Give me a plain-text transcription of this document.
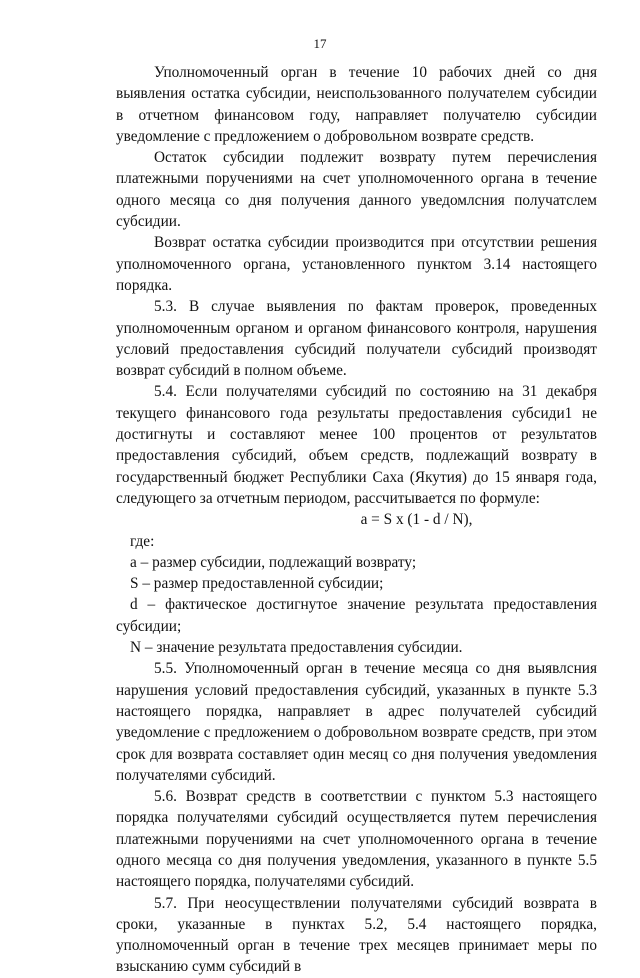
17

Уполномоченный орган в течение 10 рабочих дней со дня выявления остатка субсидии, неиспользованного получателем субсидии в отчетном финансовом году, направляет получателю субсидии уведомление с предложением о добровольном возврате средств.

Остаток субсидии подлежит возврату путем перечисления платежными поручениями на счет уполномоченного органа в течение одного месяца со дня получения данного уведомлсния получатслем субсидии.

Возврат остатка субсидии производится при отсутствии решения уполномоченного органа, установленного пунктом 3.14 настоящего порядка.

5.3. В случае выявления по фактам проверок, проведенных уполномоченным органом и органом финансового контроля, нарушения условий предоставления субсидий получатели субсидий производят возврат субсидий в полном объеме.

5.4. Если получателями субсидий по состоянию на 31 декабря текущего финансового года результаты предоставления субсиди1 не достигнуты и составляют менее 100 процентов от результатов предоставления субсидий, объем средств, подлежащий возврату в государственный бюджет Республики Саха (Якутия) до 15 января года, следующего за отчетным периодом, рассчитывается по формуле:

a = S x (1 - d / N),

где:

а – размер субсидии, подлежащий возврату;

S – размер предоставленной субсидии;

d – фактическое достигнутое значение результата предоставления субсидии;

N – значение результата предоставления субсидии.

5.5. Уполномоченный орган в течение месяца со дня выявлсния нарушения условий предоставления субсидий, указанных в пункте 5.3 настоящего порядка, направляет в адрес получателей субсидий уведомление с предложением о добровольном возврате средств, при этом срок для возврата составляет один месяц со дня получения уведомления получателями субсидий.

5.6. Возврат средств в соответствии с пунктом 5.3 настоящего порядка получателями субсидий осуществляется путем перечисления платежными поручениями на счет уполномоченного органа в течение одного месяца со дня получения уведомления, указанного в пункте 5.5 настоящего порядка, получателями субсидий.

5.7. При неосуществлении получателями субсидий возврата в сроки, указанные в пунктах 5.2, 5.4 настоящего порядка, уполномоченный орган в течение трех месяцев принимает меры по взысканию сумм субсидий в
